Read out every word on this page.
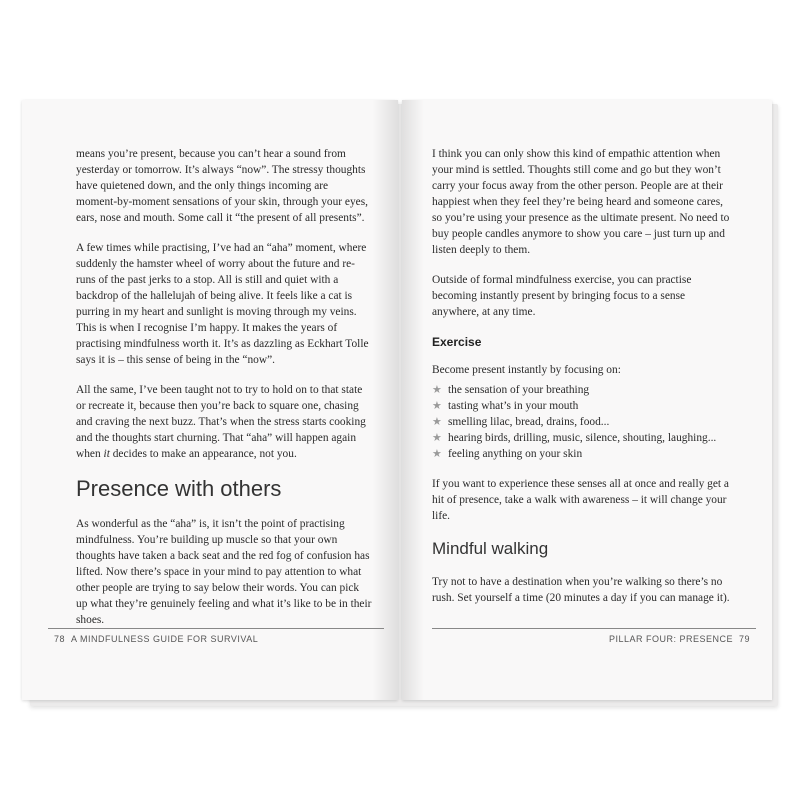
means you’re present, because you can’t hear a sound from yesterday or tomorrow. It’s always “now”. The stressy thoughts have quietened down, and the only things incoming are moment-by-moment sensations of your skin, through your eyes, ears, nose and mouth. Some call it “the present of all presents”.

A few times while practising, I’ve had an “aha” moment, where suddenly the hamster wheel of worry about the future and re-runs of the past jerks to a stop. All is still and quiet with a backdrop of the hallelujah of being alive. It feels like a cat is purring in my heart and sunlight is moving through my veins. This is when I recognise I’m happy. It makes the years of practising mindfulness worth it. It’s as dazzling as Eckhart Tolle says it is – this sense of being in the “now”.

All the same, I’ve been taught not to try to hold on to that state or recreate it, because then you’re back to square one, chasing and craving the next buzz. That’s when the stress starts cooking and the thoughts start churning. That “aha” will happen again when it decides to make an appearance, not you.

Presence with others

As wonderful as the “aha” is, it isn’t the point of practising mindfulness. You’re building up muscle so that your own thoughts have taken a back seat and the red fog of confusion has lifted. Now there’s space in your mind to pay attention to what other people are trying to say below their words. You can pick up what they’re genuinely feeling and what it’s like to be in their shoes.

78 A MINDFULNESS GUIDE FOR SURVIVAL

I think you can only show this kind of empathic attention when your mind is settled. Thoughts still come and go but they won’t carry your focus away from the other person. People are at their happiest when they feel they’re being heard and someone cares, so you’re using your presence as the ultimate present. No need to buy people candles anymore to show you care – just turn up and listen deeply to them.

Outside of formal mindfulness exercise, you can practise becoming instantly present by bringing focus to a sense anywhere, at any time.

Exercise

Become present instantly by focusing on:

★ the sensation of your breathing
★ tasting what’s in your mouth
★ smelling lilac, bread, drains, food...
★ hearing birds, drilling, music, silence, shouting, laughing...
★ feeling anything on your skin

If you want to experience these senses all at once and really get a hit of presence, take a walk with awareness – it will change your life.

Mindful walking

Try not to have a destination when you’re walking so there’s no rush. Set yourself a time (20 minutes a day if you can manage it).

PILLAR FOUR: PRESENCE 79
